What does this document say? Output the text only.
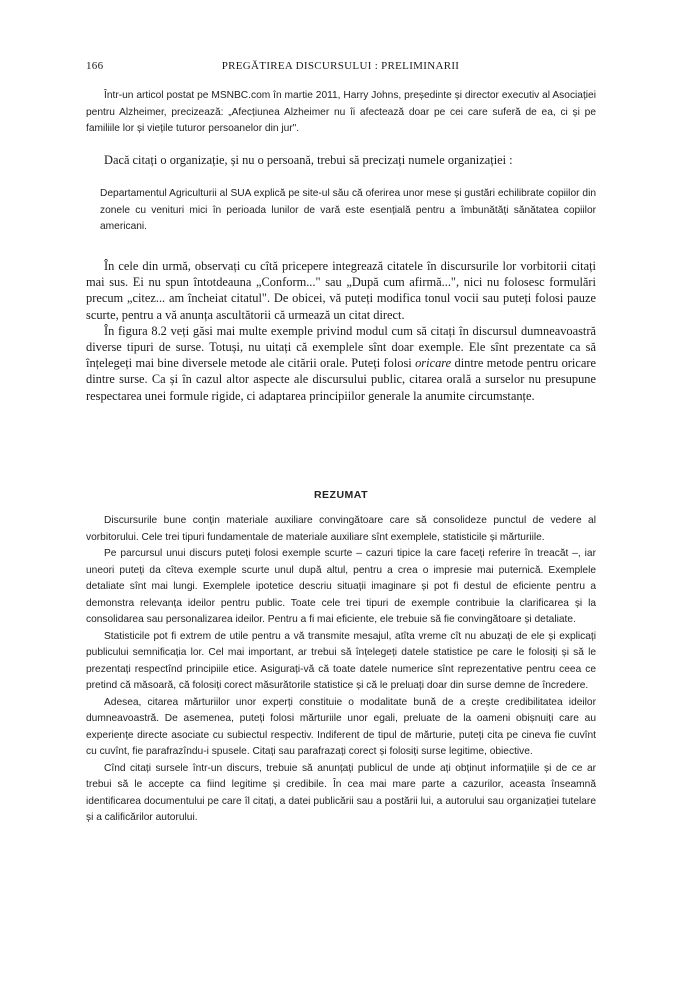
166	PREGĂTIREA DISCURSULUI : PRELIMINARII

Într-un articol postat pe MSNBC.com în martie 2011, Harry Johns, președinte și director executiv al Asociației pentru Alzheimer, precizează: „Afecțiunea Alzheimer nu îi afectează doar pe cei care suferă de ea, ci și pe familiile lor și viețile tuturor persoanelor din jur".

Dacă citați o organizație, și nu o persoană, trebui să precizați numele organizației :

Departamentul Agriculturii al SUA explică pe site-ul său că oferirea unor mese și gustări echilibrate copiilor din zonele cu venituri mici în perioada lunilor de vară este esențială pentru a îmbunătăți sănătatea copiilor americani.

În cele din urmă, observați cu cîtă pricepere integrează citatele în discursurile lor vorbitorii citați mai sus. Ei nu spun întotdeauna „Conform..." sau „După cum afirmă...", nici nu folosesc formulări precum „citez... am încheiat citatul". De obicei, vă puteți modifica tonul vocii sau puteți folosi pauze scurte, pentru a vă anunța ascultătorii că urmează un citat direct.

În figura 8.2 veți găsi mai multe exemple privind modul cum să citați în discursul dumneavoastră diverse tipuri de surse. Totuși, nu uitați că exemplele sînt doar exemple. Ele sînt prezentate ca să înțelegeți mai bine diversele metode ale citării orale. Puteți folosi oricare dintre metode pentru oricare dintre surse. Ca și în cazul altor aspecte ale discursului public, citarea orală a surselor nu presupune respectarea unei formule rigide, ci adaptarea principiilor generale la anumite circumstanțe.

REZUMAT

Discursurile bune conțin materiale auxiliare convingătoare care să consolideze punctul de vedere al vorbitorului. Cele trei tipuri fundamentale de materiale auxiliare sînt exemplele, statisticile și mărturiile.

Pe parcursul unui discurs puteți folosi exemple scurte – cazuri tipice la care faceți referire în treacăt –, iar uneori puteți da cîteva exemple scurte unul după altul, pentru a crea o impresie mai puternică. Exemplele detaliate sînt mai lungi. Exemplele ipotetice descriu situații imaginare și pot fi destul de eficiente pentru a demonstra relevanța ideilor pentru public. Toate cele trei tipuri de exemple contribuie la clarificarea și la consolidarea sau personalizarea ideilor. Pentru a fi mai eficiente, ele trebuie să fie convingătoare și detaliate.

Statisticile pot fi extrem de utile pentru a vă transmite mesajul, atîta vreme cît nu abuzați de ele și explicați publicului semnificația lor. Cel mai important, ar trebui să înțelegeți datele statistice pe care le folosiți și să le prezentați respectînd principiile etice. Asigurați-vă că toate datele numerice sînt reprezentative pentru ceea ce pretind că măsoară, că folosiți corect măsurătorile statistice și că le preluați doar din surse demne de încredere.

Adesea, citarea mărturiilor unor experți constituie o modalitate bună de a crește credibilitatea ideilor dumneavoastră. De asemenea, puteți folosi mărturiile unor egali, preluate de la oameni obișnuiți care au experiențe directe asociate cu subiectul respectiv. Indiferent de tipul de mărturie, puteți cita pe cineva fie cuvînt cu cuvînt, fie parafrazîndu-i spusele. Citați sau parafrazați corect și folosiți surse legitime, obiective.

Cînd citați sursele într-un discurs, trebuie să anunțați publicul de unde ați obținut informațiile și de ce ar trebui să le accepte ca fiind legitime și credibile. În cea mai mare parte a cazurilor, aceasta înseamnă identificarea documentului pe care îl citați, a datei publicării sau a postării lui, a autorului sau organizației tutelare și a calificărilor autorului.
